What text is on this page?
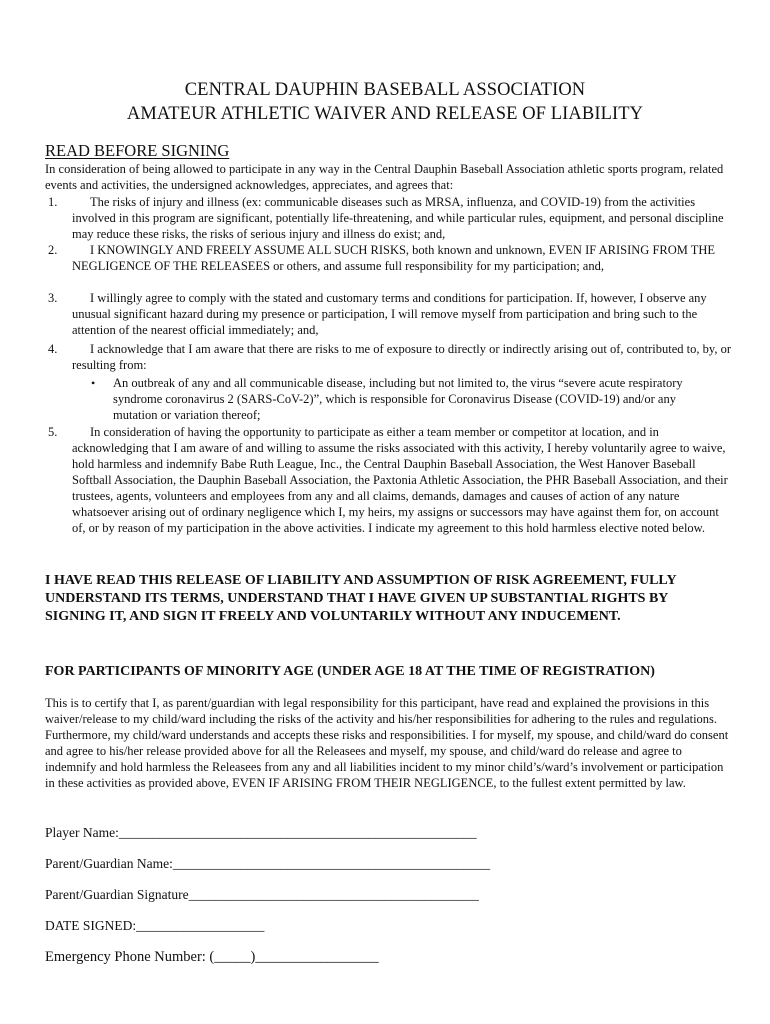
CENTRAL DAUPHIN BASEBALL ASSOCIATION
AMATEUR ATHLETIC WAIVER AND RELEASE OF LIABILITY
READ BEFORE SIGNING
In consideration of being allowed to participate in any way in the Central Dauphin Baseball Association athletic sports program, related events and activities, the undersigned acknowledges, appreciates, and agrees that:
1.	The risks of injury and illness (ex: communicable diseases such as MRSA, influenza, and COVID-19) from the activities involved in this program are significant, potentially life-threatening, and while particular rules, equipment, and personal discipline may reduce these risks, the risks of serious injury and illness do exist; and,
2.	I KNOWINGLY AND FREELY ASSUME ALL SUCH RISKS, both known and unknown, EVEN IF ARISING FROM THE NEGLIGENCE OF THE RELEASEES or others, and assume full responsibility for my participation; and,
3.	I willingly agree to comply with the stated and customary terms and conditions for participation. If, however, I observe any unusual significant hazard during my presence or participation, I will remove myself from participation and bring such to the attention of the nearest official immediately; and,
4.	I acknowledge that I am aware that there are risks to me of exposure to directly or indirectly arising out of, contributed to, by, or resulting from:
• An outbreak of any and all communicable disease, including but not limited to, the virus “severe acute respiratory syndrome coronavirus 2 (SARS-CoV-2)”, which is responsible for Coronavirus Disease (COVID-19) and/or any mutation or variation thereof;
5.	In consideration of having the opportunity to participate as either a team member or competitor at location, and in acknowledging that I am aware of and willing to assume the risks associated with this activity, I hereby voluntarily agree to waive, hold harmless and indemnify Babe Ruth League, Inc., the Central Dauphin Baseball Association, the West Hanover Baseball Softball Association, the Dauphin Baseball Association, the Paxtonia Athletic Association, the PHR Baseball Association, and their trustees, agents, volunteers and employees from any and all claims, demands, damages and causes of action of any nature whatsoever arising out of ordinary negligence which I, my heirs, my assigns or successors may have against them for, on account of, or by reason of my participation in the above activities. I indicate my agreement to this hold harmless elective noted below.
I HAVE READ THIS RELEASE OF LIABILITY AND ASSUMPTION OF RISK AGREEMENT, FULLY UNDERSTAND ITS TERMS, UNDERSTAND THAT I HAVE GIVEN UP SUBSTANTIAL RIGHTS BY SIGNING IT, AND SIGN IT FREELY AND VOLUNTARILY WITHOUT ANY INDUCEMENT.
FOR PARTICIPANTS OF MINORITY AGE (UNDER AGE 18 AT THE TIME OF REGISTRATION)
This is to certify that I, as parent/guardian with legal responsibility for this participant, have read and explained the provisions in this waiver/release to my child/ward including the risks of the activity and his/her responsibilities for adhering to the rules and regulations. Furthermore, my child/ward understands and accepts these risks and responsibilities. I for myself, my spouse, and child/ward do consent and agree to his/her release provided above for all the Releasees and myself, my spouse, and child/ward do release and agree to indemnify and hold harmless the Releasees from any and all liabilities incident to my minor child’s/ward’s involvement or participation in these activities as provided above, EVEN IF ARISING FROM THEIR NEGLIGENCE, to the fullest extent permitted by law.
Player Name:_____________________________________________________
Parent/Guardian Name:_______________________________________________
Parent/Guardian Signature___________________________________________
DATE SIGNED:___________________
Emergency Phone Number: (_____)_________________
